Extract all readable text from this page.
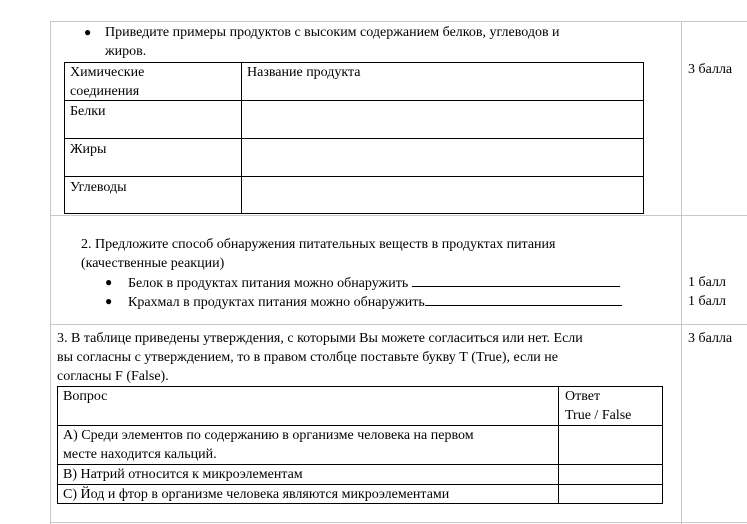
● Приведите примеры продуктов с высоким содержанием белков, углеводов и
жиров.
3 балла
Химические
соединения
Название продукта
Белки
Жиры
Углеводы
2. Предложите способ обнаружения питательных веществ в продуктах питания
(качественные реакции)
● Белок в продуктах питания можно обнаружить
● Крахмал в продуктах питания можно обнаружить
1 балл
1 балл
3. В таблице приведены утверждения, с которыми Вы можете согласиться или нет. Если
вы согласны с утверждением, то в правом столбце поставьте букву Т (True), если не
согласны F (False).
3 балла
Вопрос	Ответ
True / False
А) Среди элементов по содержанию в организме человека на первом
месте находится кальций.
В) Натрий относится к микроэлементам
С) Йод и фтор в организме человека являются микроэлементами
